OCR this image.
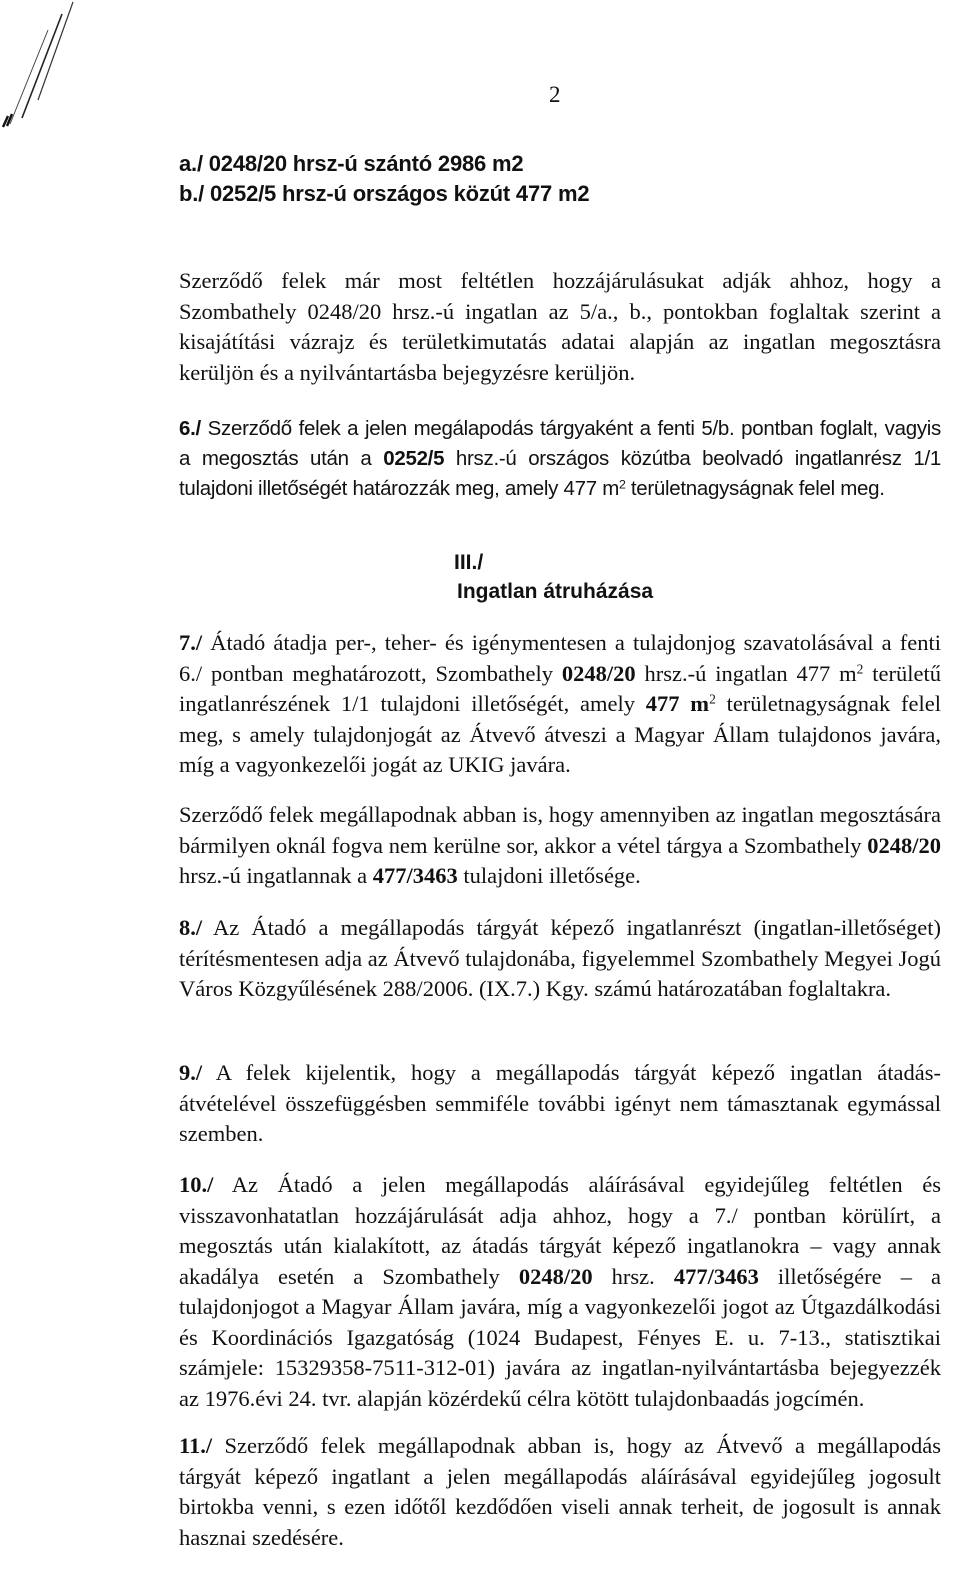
2
a./ 0248/20 hrsz-ú szántó 2986 m2
b./ 0252/5 hrsz-ú országos közút 477 m2

Szerződő felek már most feltétlen hozzájárulásukat adják ahhoz, hogy a Szombathely 0248/20 hrsz.-ú ingatlan az 5/a., b., pontokban foglaltak szerint a kisajátítási vázrajz és területkimutatás adatai alapján az ingatlan megosztásra kerüljön és a nyilvántartásba bejegyzésre kerüljön.

6./ Szerződő felek a jelen megálapodás tárgyaként a fenti 5/b. pontban foglalt, vagyis a megosztás után a 0252/5 hrsz.-ú országos közútba beolvadó ingatlanrész 1/1 tulajdoni illetőségét határozzák meg, amely 477 $m^2$ területnagyságnak felel meg.

III./
Ingatlan átruházása

7./ Átadó átadja per-, teher- és igénymentesen a tulajdonjog szavatolásával a fenti 6./ pontban meghatározott, Szombathely 0248/20 hrsz.-ú ingatlan 477 $m^2$ területű ingatlanrészének 1/1 tulajdoni illetőségét, amely 477 $m^2$ területnagyságnak felel meg, s amely tulajdonjogát az Átvevő átveszi a Magyar Állam tulajdonos javára, míg a vagyonkezelői jogát az UKIG javára.

Szerződő felek megállapodnak abban is, hogy amennyiben az ingatlan megosztására bármilyen oknál fogva nem kerülne sor, akkor a vétel tárgya a Szombathely 0248/20 hrsz.-ú ingatlannak a 477/3463 tulajdoni illetősége.

8./ Az Átadó a megállapodás tárgyát képező ingatlanrészt (ingatlan-illetőséget) térítésmentesen adja az Átvevő tulajdonába, figyelemmel Szombathely Megyei Jogú Város Közgyűlésének 288/2006. (IX.7.) Kgy. számú határozatában foglaltakra.

9./ A felek kijelentik, hogy a megállapodás tárgyát képező ingatlan átadás-átvételével összefüggésben semmiféle további igényt nem támasztanak egymással szemben.

10./ Az Átadó a jelen megállapodás aláírásával egyidejűleg feltétlen és visszavonhatatlan hozzájárulását adja ahhoz, hogy a 7./ pontban körülírt, a megosztás után kialakított, az átadás tárgyát képező ingatlanokra – vagy annak akadálya esetén a Szombathely 0248/20 hrsz. 477/3463 illetőségére – a tulajdonjogot a Magyar Állam javára, míg a vagyonkezelői jogot az Útgazdálkodási és Koordinációs Igazgatóság (1024 Budapest, Fényes E. u. 7-13., statisztikai számjele: 15329358-7511-312-01) javára az ingatlan-nyilvántartásba bejegyezzék az 1976.évi 24. tvr. alapján közérdekű célra kötött tulajdonbaadás jogcímén.

11./ Szerződő felek megállapodnak abban is, hogy az Átvevő a megállapodás tárgyát képező ingatlant a jelen megállapodás aláírásával egyidejűleg jogosult birtokba venni, s ezen időtől kezdődően viseli annak terheit, de jogosult is annak hasznai szedésére.
